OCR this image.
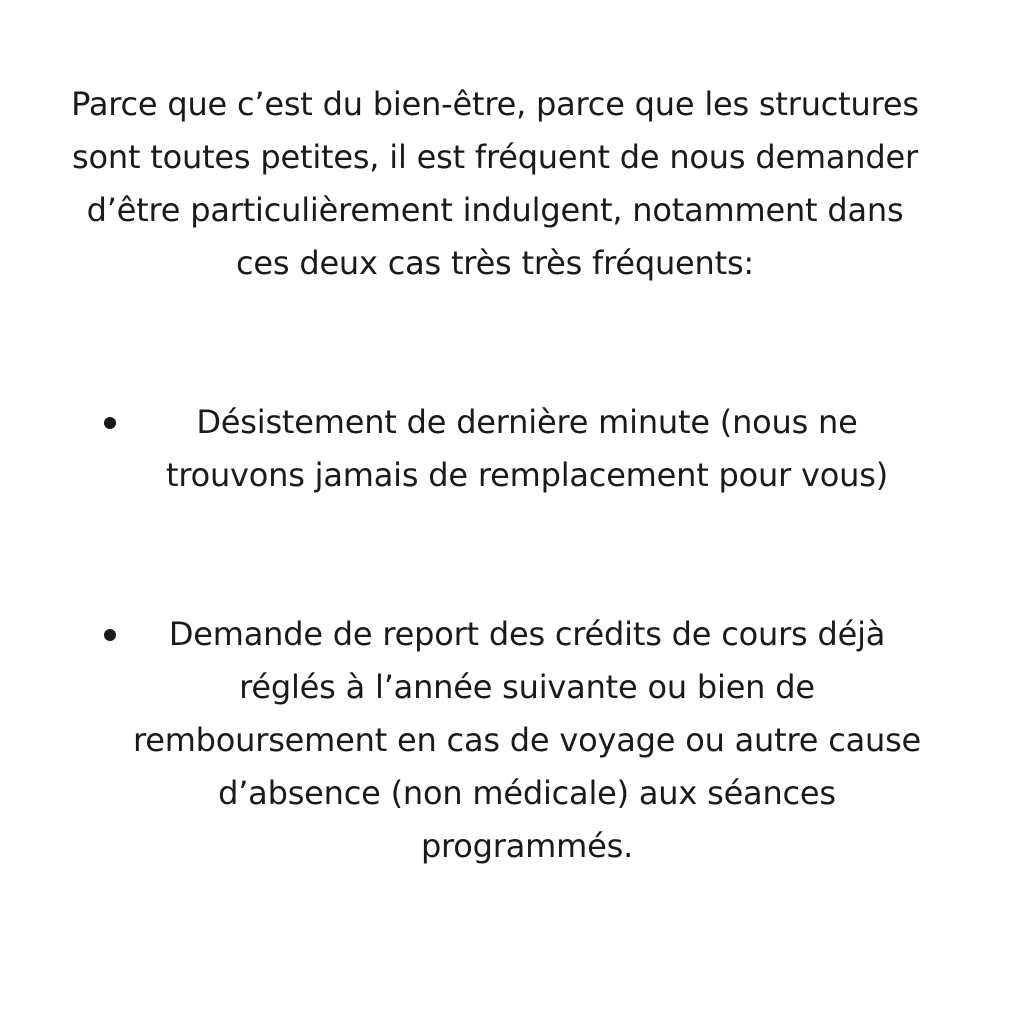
Parce que c’est du bien-être, parce que les structures sont toutes petites, il est fréquent de nous demander d’être particulièrement indulgent, notamment dans ces deux cas très très fréquents:

Désistement de dernière minute (nous ne trouvons jamais de remplacement pour vous)

Demande de report des crédits de cours déjà réglés à l’année suivante ou bien de remboursement en cas de voyage ou autre cause d’absence (non médicale) aux séances programmés.
